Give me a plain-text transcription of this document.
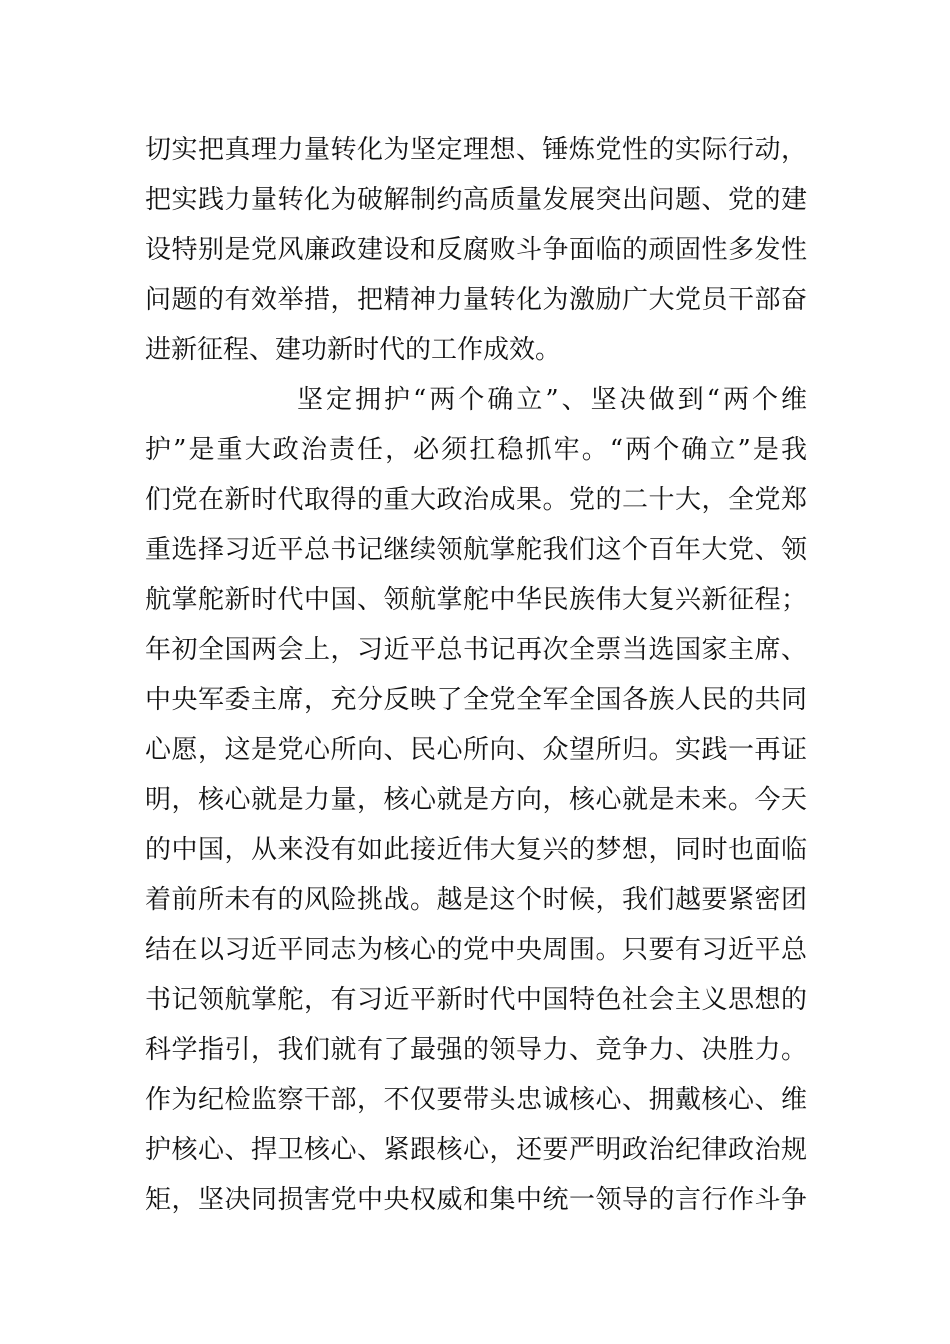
切实把真理力量转化为坚定理想、锤炼党性的实际行动，
把实践力量转化为破解制约高质量发展突出问题、党的建
设特别是党风廉政建设和反腐败斗争面临的顽固性多发性
问题的有效举措，把精神力量转化为激励广大党员干部奋
进新征程、建功新时代的工作成效。
坚定拥护“两个确立”、坚决做到“两个维
护”是重大政治责任，必须扛稳抓牢。“两个确立”是我
们党在新时代取得的重大政治成果。党的二十大，全党郑
重选择习近平总书记继续领航掌舵我们这个百年大党、领
航掌舵新时代中国、领航掌舵中华民族伟大复兴新征程；
年初全国两会上，习近平总书记再次全票当选国家主席、
中央军委主席，充分反映了全党全军全国各族人民的共同
心愿，这是党心所向、民心所向、众望所归。实践一再证
明，核心就是力量，核心就是方向，核心就是未来。今天
的中国，从来没有如此接近伟大复兴的梦想，同时也面临
着前所未有的风险挑战。越是这个时候，我们越要紧密团
结在以习近平同志为核心的党中央周围。只要有习近平总
书记领航掌舵，有习近平新时代中国特色社会主义思想的
科学指引，我们就有了最强的领导力、竞争力、决胜力。
作为纪检监察干部，不仅要带头忠诚核心、拥戴核心、维
护核心、捍卫核心、紧跟核心，还要严明政治纪律政治规
矩，坚决同损害党中央权威和集中统一领导的言行作斗争
